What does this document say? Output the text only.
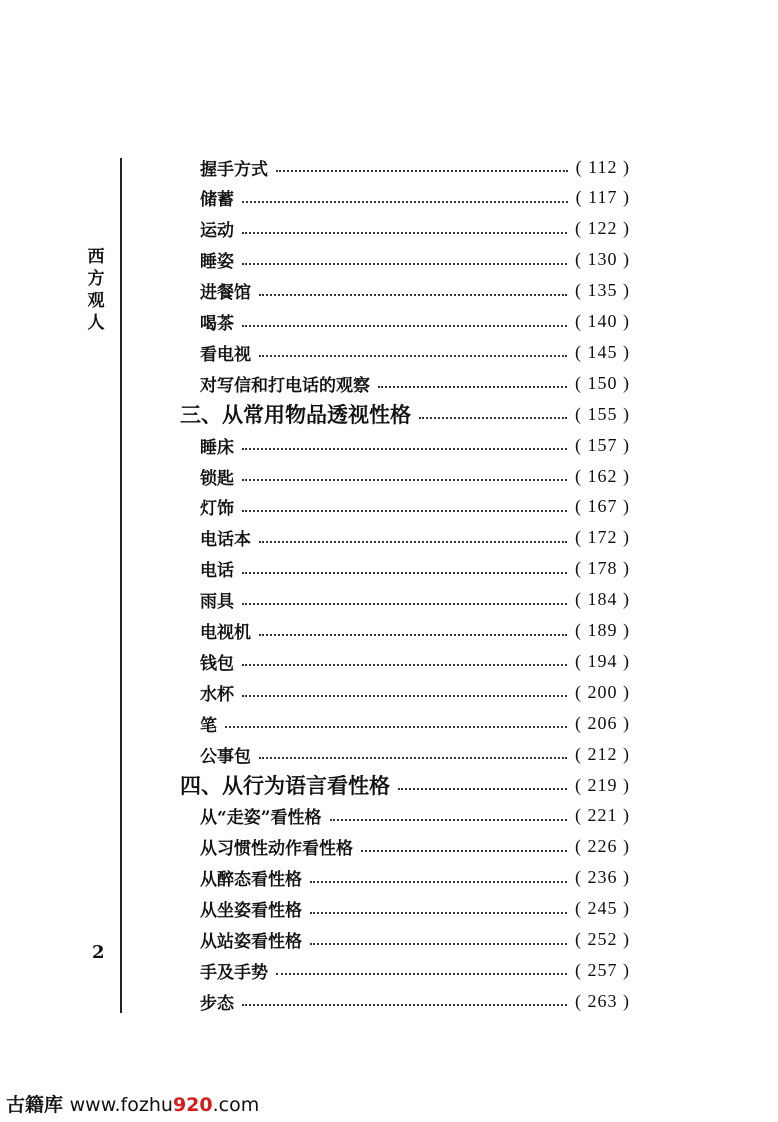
西
方
观
人
2
握手方式	( 112 )
储蓄	( 117 )
运动	( 122 )
睡姿	( 130 )
进餐馆	( 135 )
喝茶	( 140 )
看电视	( 145 )
对写信和打电话的观察	( 150 )
三、从常用物品透视性格	( 155 )
睡床	( 157 )
锁匙	( 162 )
灯饰	( 167 )
电话本	( 172 )
电话	( 178 )
雨具	( 184 )
电视机	( 189 )
钱包	( 194 )
水杯	( 200 )
笔	( 206 )
公事包	( 212 )
四、从行为语言看性格	( 219 )
从“走姿”看性格	( 221 )
从习惯性动作看性格	( 226 )
从醉态看性格	( 236 )
从坐姿看性格	( 245 )
从站姿看性格	( 252 )
手及手势	( 257 )
步态	( 263 )
古籍库 www.fozhu920.com
